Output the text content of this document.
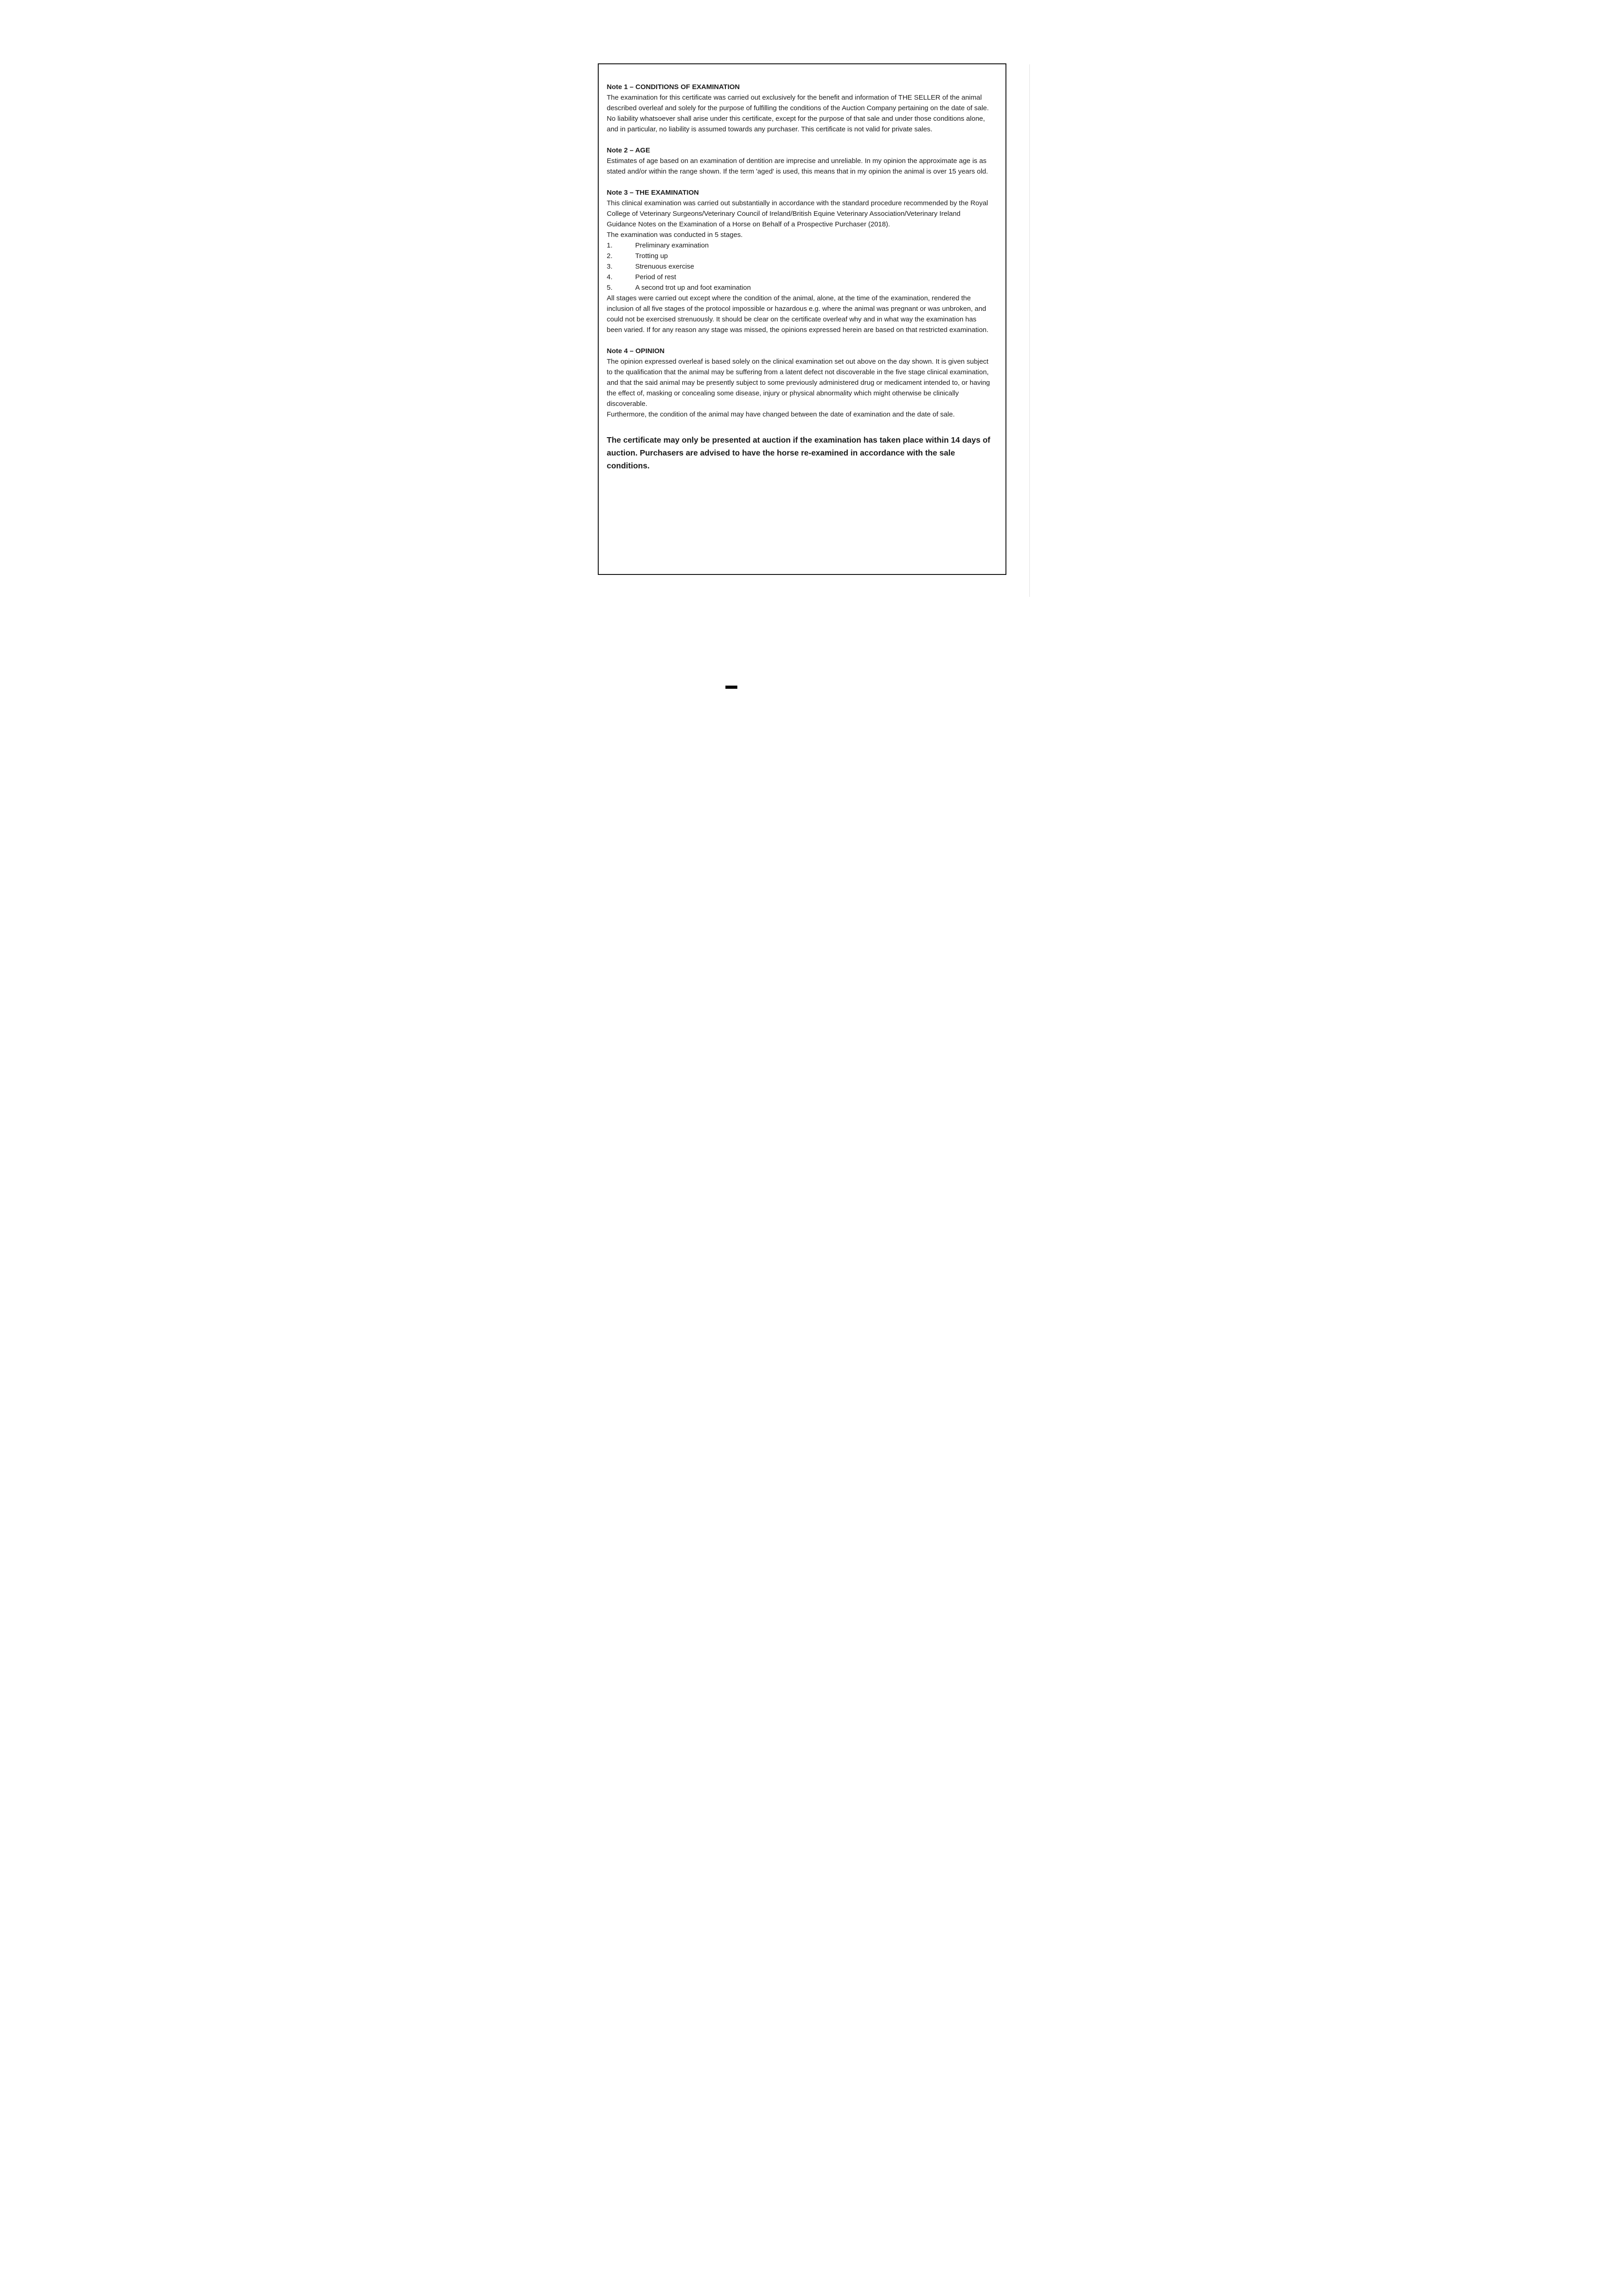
Note 1 – CONDITIONS OF EXAMINATION

The examination for this certificate was carried out exclusively for the benefit and information of THE SELLER of the animal described overleaf and solely for the purpose of fulfilling the conditions of the Auction Company pertaining on the date of sale. No liability whatsoever shall arise under this certificate, except for the purpose of that sale and under those conditions alone, and in particular, no liability is assumed towards any purchaser. This certificate is not valid for private sales.

Note 2 – AGE

Estimates of age based on an examination of dentition are imprecise and unreliable. In my opinion the approximate age is as stated and/or within the range shown. If the term 'aged' is used, this means that in my opinion the animal is over 15 years old.

Note 3 – THE EXAMINATION

This clinical examination was carried out substantially in accordance with the standard procedure recommended by the Royal College of Veterinary Surgeons/Veterinary Council of Ireland/British Equine Veterinary Association/Veterinary Ireland Guidance Notes on the Examination of a Horse on Behalf of a Prospective Purchaser (2018).

The examination was conducted in 5 stages.

1.	Preliminary examination
2.	Trotting up
3.	Strenuous exercise
4.	Period of rest
5.	A second trot up and foot examination

All stages were carried out except where the condition of the animal, alone, at the time of the examination, rendered the inclusion of all five stages of the protocol impossible or hazardous e.g. where the animal was pregnant or was unbroken, and could not be exercised strenuously. It should be clear on the certificate overleaf why and in what way the examination has been varied. If for any reason any stage was missed, the opinions expressed herein are based on that restricted examination.

Note 4 – OPINION

The opinion expressed overleaf is based solely on the clinical examination set out above on the day shown. It is given subject to the qualification that the animal may be suffering from a latent defect not discoverable in the five stage clinical examination, and that the said animal may be presently subject to some previously administered drug or medicament intended to, or having the effect of, masking or concealing some disease, injury or physical abnormality which might otherwise be clinically discoverable.

Furthermore, the condition of the animal may have changed between the date of examination and the date of sale.

The certificate may only be presented at auction if the examination has taken place within 14 days of auction. Purchasers are advised to have the horse re-examined in accordance with the sale conditions.
